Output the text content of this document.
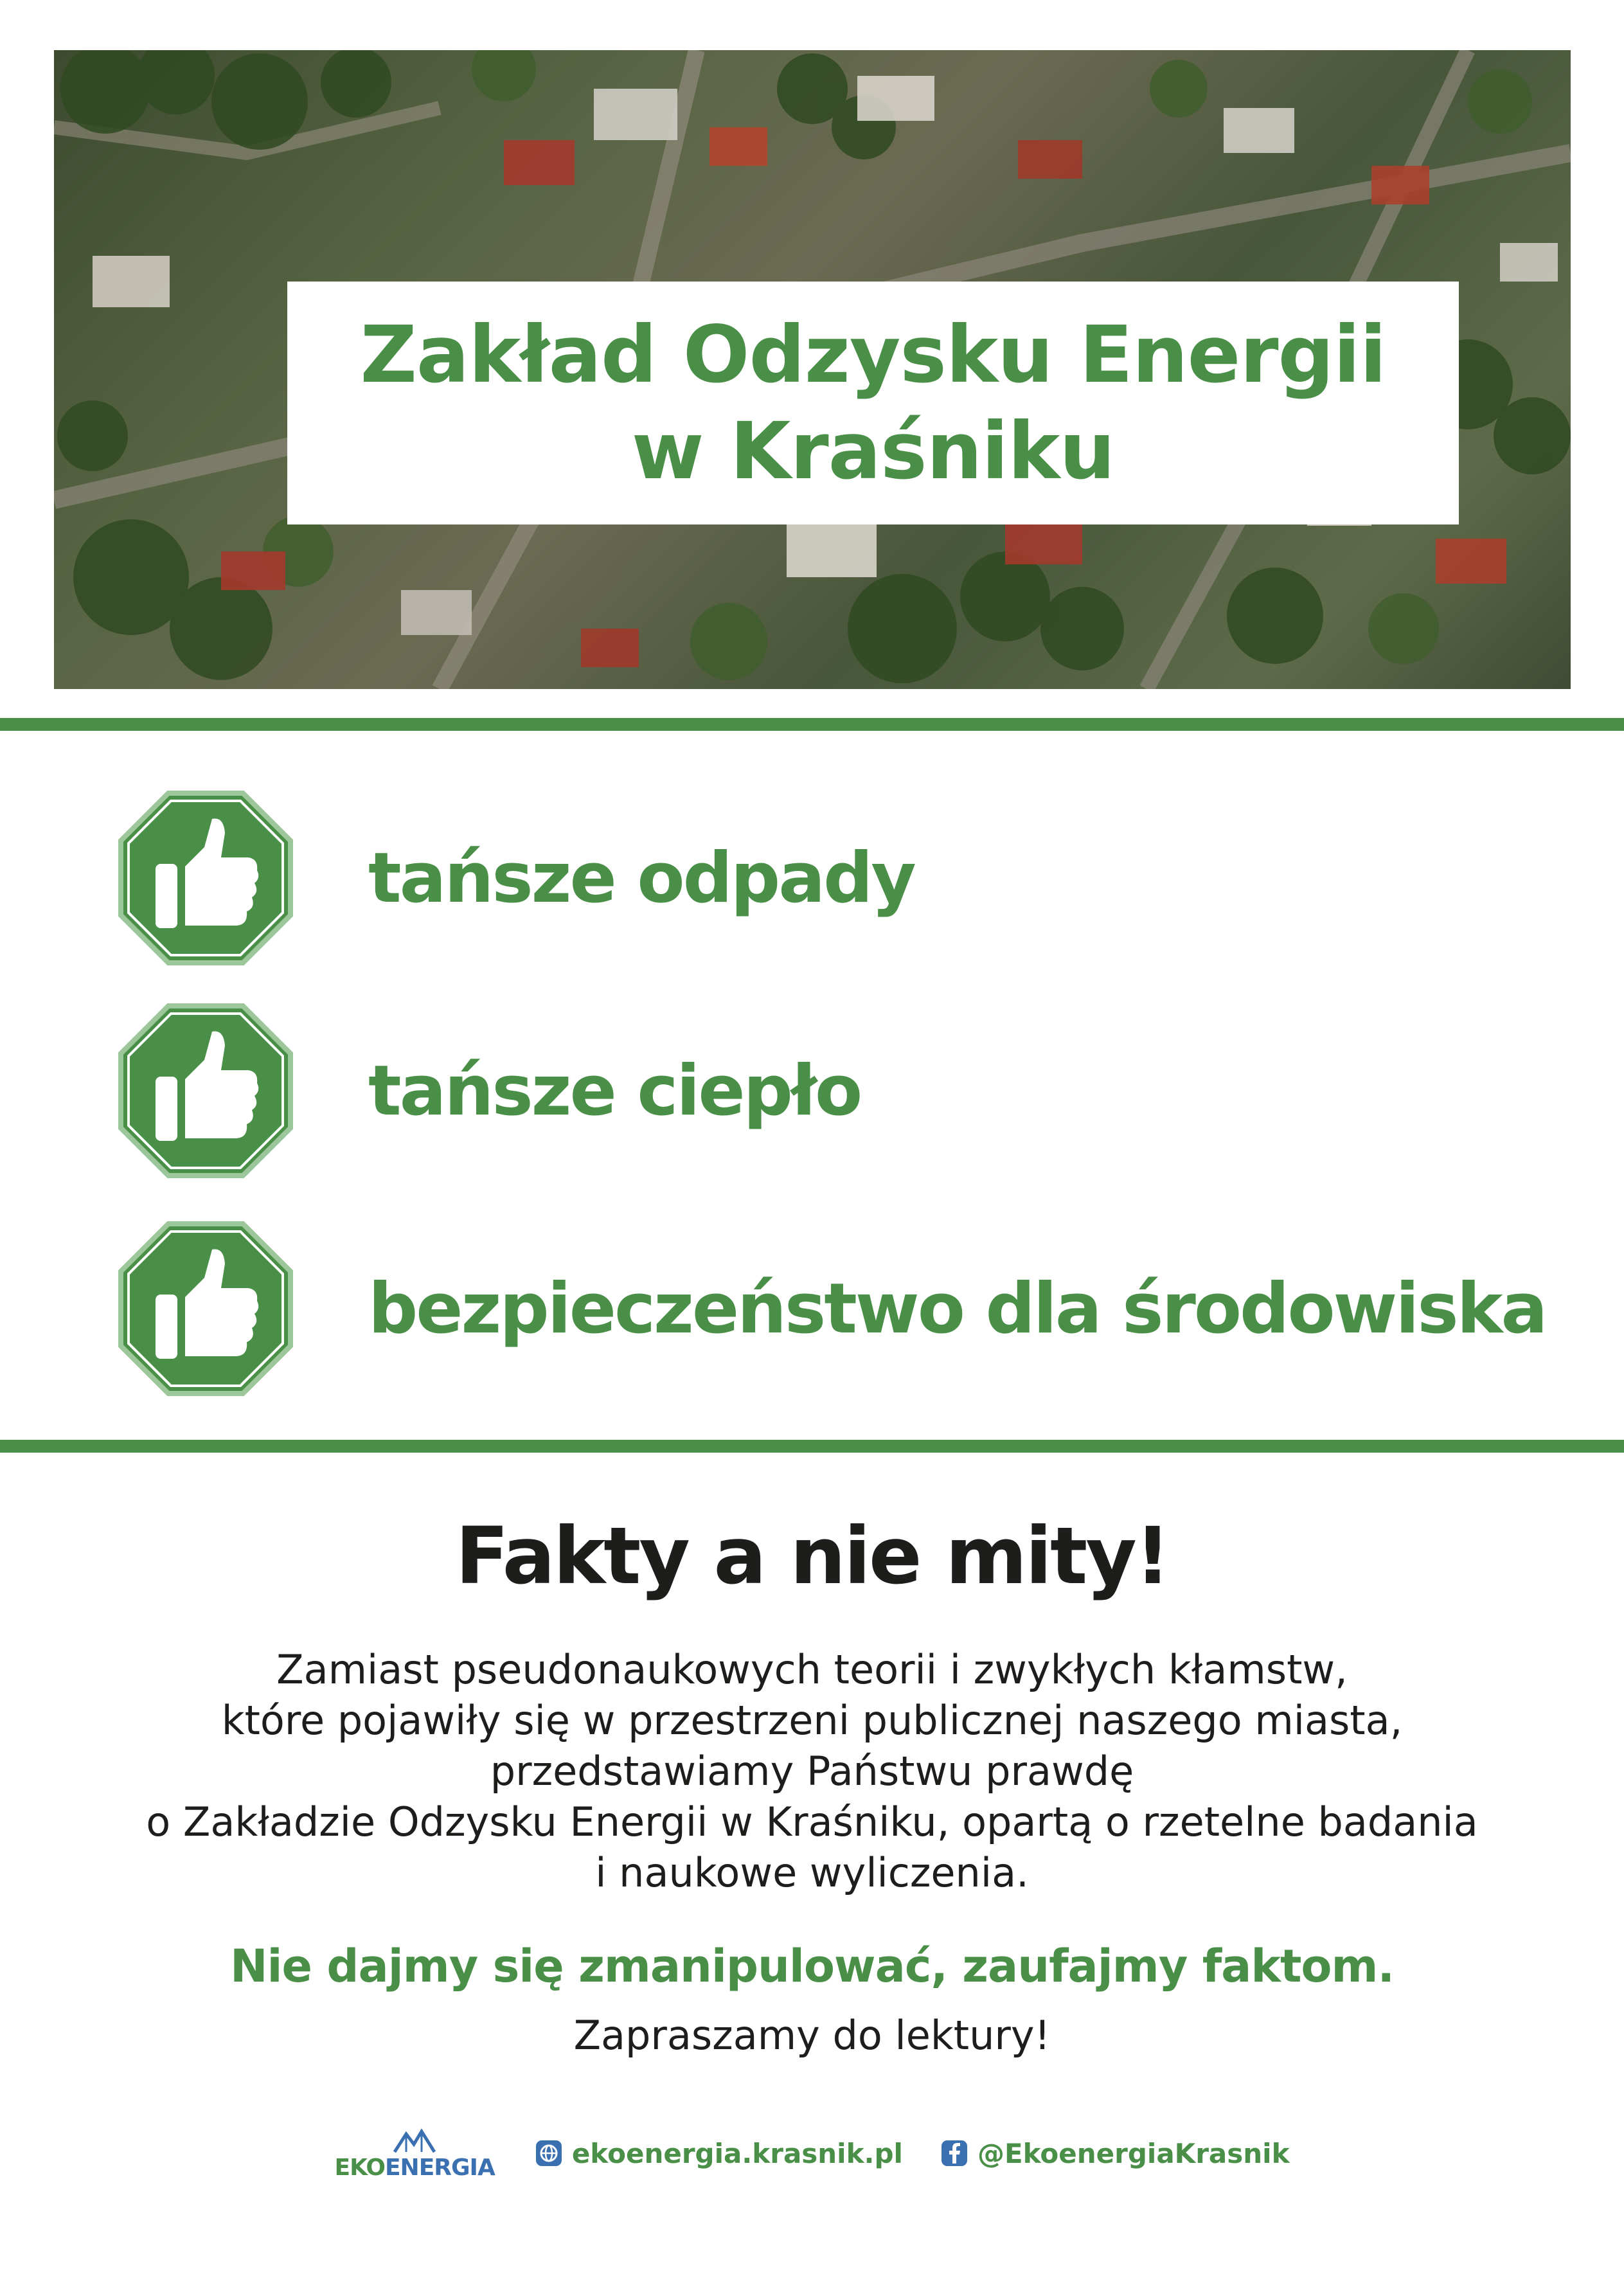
Zakład Odzysku Energii
w Kraśniku
tańsze odpady
tańsze ciepło
bezpieczeństwo dla środowiska
Fakty a nie mity!
Zamiast pseudonaukowych teorii i zwykłych kłamstw,
które pojawiły się w przestrzeni publicznej naszego miasta,
przedstawiamy Państwu prawdę
o Zakładzie Odzysku Energii w Kraśniku, opartą o rzetelne badania
i naukowe wyliczenia.
Nie dajmy się zmanipulować, zaufajmy faktom.
Zapraszamy do lektury!
EKOENERGIA	ekoenergia.krasnik.pl	@EkoenergiaKrasnik
